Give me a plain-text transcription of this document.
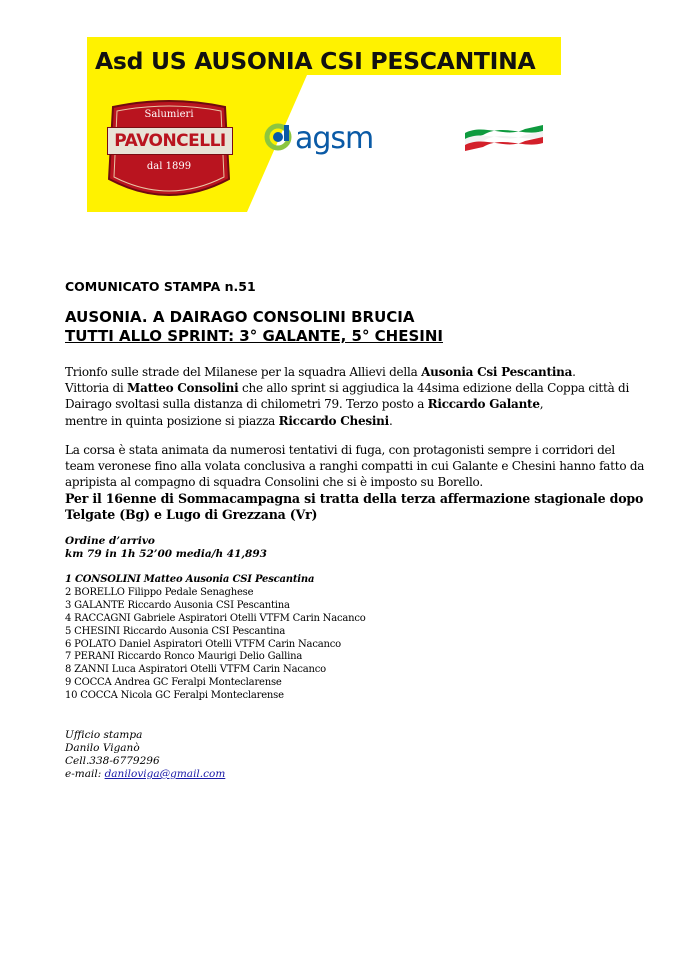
Asd US AUSONIA CSI PESCANTINA
Salumieri
PAVONCELLI
dal 1899
agsm
COMUNICATO STAMPA n.51
AUSONIA. A DAIRAGO CONSOLINI BRUCIA
TUTTI ALLO SPRINT: 3° GALANTE, 5° CHESINI
Trionfo sulle strade del Milanese per la squadra Allievi della Ausonia Csi Pescantina.
Vittoria di Matteo Consolini che allo sprint si aggiudica la 44sima edizione della Coppa città di Dairago svoltasi sulla distanza di chilometri 79. Terzo posto a Riccardo Galante,
mentre in quinta posizione si piazza Riccardo Chesini.
La corsa è stata animata da numerosi tentativi di fuga, con protagonisti sempre i corridori del team veronese fino alla volata conclusiva a ranghi compatti in cui Galante e Chesini hanno fatto da apripista al compagno di squadra Consolini che si è imposto su Borello.
Per il 16enne di Sommacampagna si tratta della terza affermazione stagionale dopo Telgate (Bg) e Lugo di Grezzana (Vr)
Ordine d’arrivo
km 79 in 1h 52’00 media/h 41,893
1 CONSOLINI Matteo Ausonia CSI Pescantina
2 BORELLO Filippo Pedale Senaghese
3 GALANTE Riccardo Ausonia CSI Pescantina
4 RACCAGNI Gabriele Aspiratori Otelli VTFM Carin Nacanco
5 CHESINI Riccardo Ausonia CSI Pescantina
6 POLATO Daniel Aspiratori Otelli VTFM Carin Nacanco
7 PERANI Riccardo Ronco Maurigi Delio Gallina
8 ZANNI Luca Aspiratori Otelli VTFM Carin Nacanco
9 COCCA Andrea GC Feralpi Monteclarense
10 COCCA Nicola GC Feralpi Monteclarense
Ufficio stampa
Danilo Viganò
Cell.338-6779296
e-mail: daniloviga@gmail.com
